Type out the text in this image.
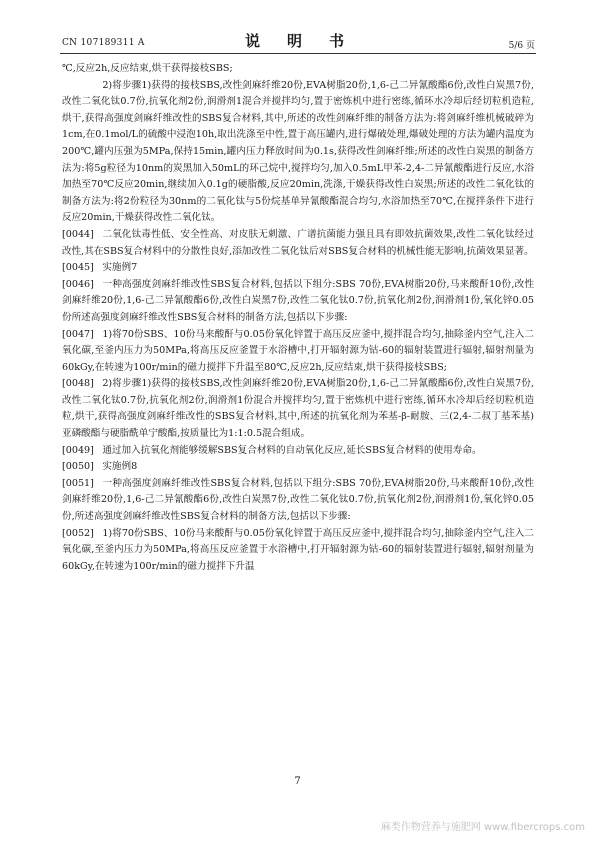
CN 107189311 A	说　明　书	5/6 页

℃,反应2h,反应结束,烘干获得接枝SBS;

2)将步骤1)获得的接枝SBS,改性剑麻纤维20份,EVA树脂20份,1,6-己二异氰酸酯6份,改性白炭黑7份,改性二氧化钛0.7份,抗氧化剂2份,润滑剂1混合并搅拌均匀,置于密炼机中进行密练,循环水冷却后经切粒机造粒,烘干,获得高强度剑麻纤维改性的SBS复合材料,其中,所述的改性剑麻纤维的制备方法为:将剑麻纤维机械破碎为1cm,在0.1mol/L的硫酸中浸泡10h,取出洗涤至中性,置于高压罐内,进行爆破处理,爆破处理的方法为罐内温度为200℃,罐内压强为5MPa,保持15min,罐内压力释放时间为0.1s,获得改性剑麻纤维;所述的改性白炭黑的制备方法为:将5g粒径为10nm的炭黑加入50mL的环己烷中,搅拌均匀,加入0.5mL甲苯-2,4-二异氰酸酯进行反应,水浴加热至70℃反应20min,继续加入0.1g的硬脂酸,反应20min,洗涤,干燥获得改性白炭黑;所述的改性二氧化钛的制备方法为:将2份粒径为30nm的二氧化钛与5份烷基单异氰酸酯混合均匀,水浴加热至70℃,在搅拌条件下进行反应20min,干燥获得改性二氧化钛。

[0044] 二氧化钛毒性低、安全性高、对皮肤无刺激、广谱抗菌能力强且具有即效抗菌效果,改性二氧化钛经过改性,其在SBS复合材料中的分散性良好,添加改性二氧化钛后对SBS复合材料的机械性能无影响,抗菌效果显著。

[0045] 实施例7

[0046] 一种高强度剑麻纤维改性SBS复合材料,包括以下组分:SBS 70份,EVA树脂20份,马来酸酐10份,改性剑麻纤维20份,1,6-己二异氰酸酯6份,改性白炭黑7份,改性二氧化钛0.7份,抗氧化剂2份,润滑剂1份,氧化锌0.05份所述高强度剑麻纤维改性SBS复合材料的制备方法,包括以下步骤:

[0047] 1)将70份SBS、10份马来酸酐与0.05份氧化锌置于高压反应釜中,搅拌混合均匀,抽除釜内空气,注入二氧化碳,至釜内压力为50MPa,将高压反应釜置于水浴槽中,打开辐射源为钴-60的辐射装置进行辐射,辐射剂量为60kGy,在转速为100r/min的磁力搅拌下升温至80℃,反应2h,反应结束,烘干获得接枝SBS;

[0048] 2)将步骤1)获得的接枝SBS,改性剑麻纤维20份,EVA树脂20份,1,6-己二异氰酸酯6份,改性白炭黑7份,改性二氧化钛0.7份,抗氧化剂2份,润滑剂1份混合并搅拌均匀,置于密炼机中进行密练,循环水冷却后经切粒机造粒,烘干,获得高强度剑麻纤维改性的SBS复合材料,其中,所述的抗氧化剂为苯基-β-耐胺、三(2,4-二叔丁基苯基)亚磷酸酯与硬脂酰单宁酸酯,按质量比为1:1:0.5混合组成。

[0049] 通过加入抗氧化剂能够缓解SBS复合材料的自动氧化反应,延长SBS复合材料的使用寿命。

[0050] 实施例8

[0051] 一种高强度剑麻纤维改性SBS复合材料,包括以下组分:SBS 70份,EVA树脂20份,马来酸酐10份,改性剑麻纤维20份,1,6-己二异氰酸酯6份,改性白炭黑7份,改性二氧化钛0.7份,抗氧化剂2份,润滑剂1份,氧化锌0.05份,所述高强度剑麻纤维改性SBS复合材料的制备方法,包括以下步骤:

[0052] 1)将70份SBS、10份马来酸酐与0.05份氧化锌置于高压反应釜中,搅拌混合均匀,抽除釜内空气,注入二氧化碳,至釜内压力为50MPa,将高压反应釜置于水浴槽中,打开辐射源为钴-60的辐射装置进行辐射,辐射剂量为60kGy,在转速为100r/min的磁力搅拌下升温

7
麻类作物营养与施肥网 www.fibercrops.com
